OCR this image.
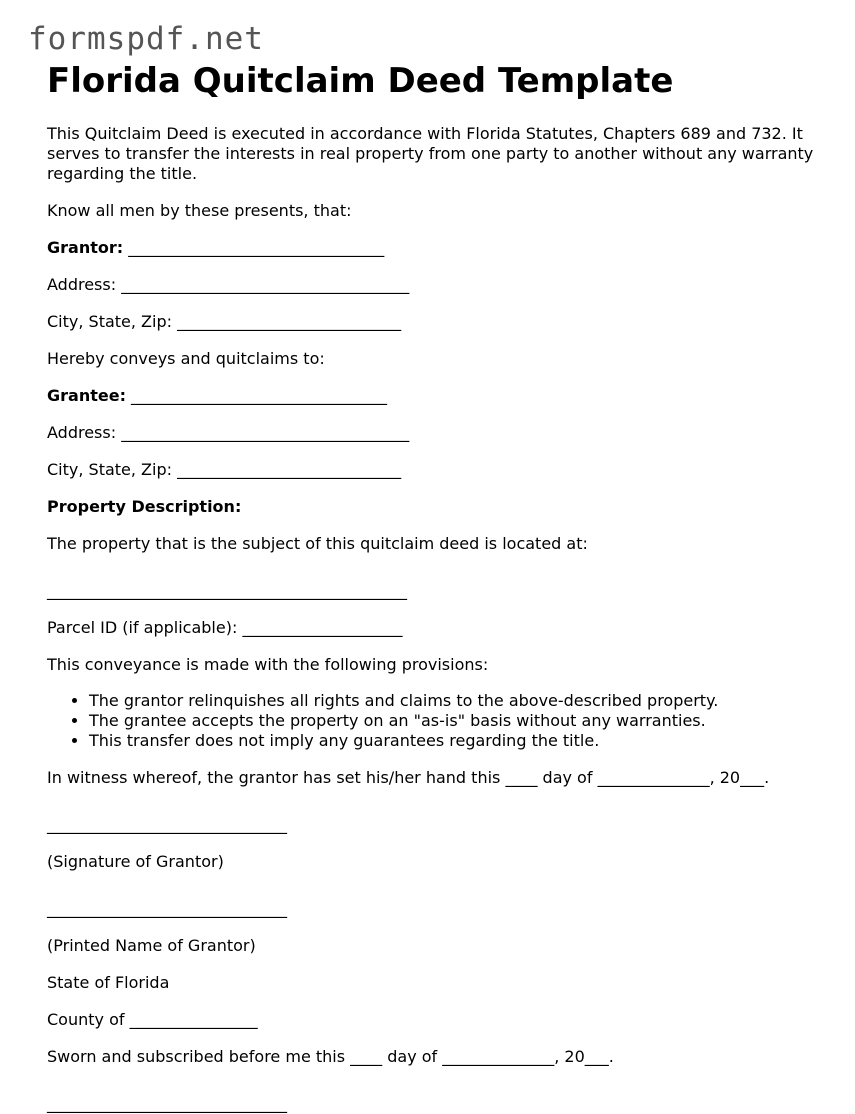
formspdf.net
Florida Quitclaim Deed Template

This Quitclaim Deed is executed in accordance with Florida Statutes, Chapters 689 and 732. It serves to transfer the interests in real property from one party to another without any warranty regarding the title.

Know all men by these presents, that:

Grantor: ________________________________

Address: ____________________________________

City, State, Zip: ____________________________

Hereby conveys and quitclaims to:

Grantee: ________________________________

Address: ____________________________________

City, State, Zip: ____________________________

Property Description:

The property that is the subject of this quitclaim deed is located at:

_____________________________________________

Parcel ID (if applicable): ____________________

This conveyance is made with the following provisions:

• The grantor relinquishes all rights and claims to the above-described property.
• The grantee accepts the property on an "as-is" basis without any warranties.
• This transfer does not imply any guarantees regarding the title.

In witness whereof, the grantor has set his/her hand this ____ day of ______________, 20___.

______________________________

(Signature of Grantor)

______________________________

(Printed Name of Grantor)

State of Florida

County of ________________

Sworn and subscribed before me this ____ day of ______________, 20___.

______________________________
